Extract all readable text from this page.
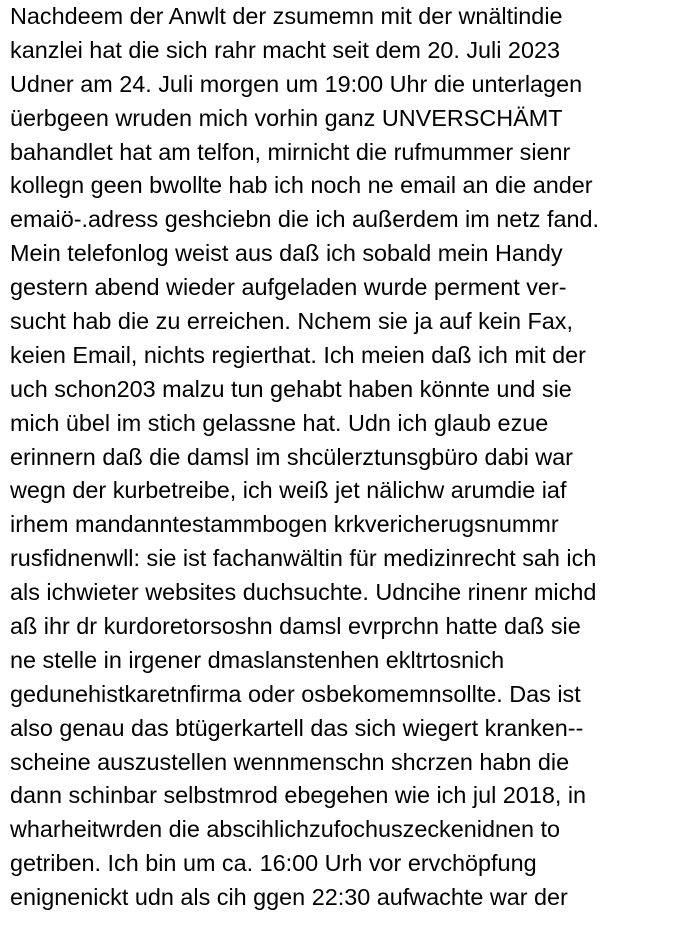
Nachdeem der Anwlt der zsumemn mit der wnältindie
kanzlei hat die sich rahr macht seit dem 20. Juli 2023
Udner am 24. Juli morgen um 19:00 Uhr die unterlagen
üerbgeen wruden mich vorhin ganz UNVERSCHÄMT
bahandlet hat am telfon, mirnicht die rufmummer sienr
kollegn geen bwollte hab ich noch ne email an die ander
emaiö-.adress geshciebn die ich außerdem im netz fand.
Mein telefonlog weist aus daß ich sobald mein Handy
gestern abend wieder aufgeladen wurde perment ver-
sucht hab die zu erreichen. Nchem sie ja auf kein Fax,
keien Email, nichts regierthat. Ich meien daß ich mit der
uch schon203 malzu tun gehabt haben könnte und sie
mich übel im stich gelassne hat. Udn ich glaub ezue
erinnern daß die damsl im shcülerztunsgbüro dabi war
wegn der kurbetreibe, ich weiß jet nälichw arumdie iaf
irhem mandanntestammbogen krkvericherugsnummr
rusfidnenwll: sie ist fachanwältin für medizinrecht sah ich
als ichwieter websites duchsuchte. Udncihe rinenr michd
aß ihr dr kurdoretorsoshn damsl evrprchn hatte daß sie
ne stelle in irgener dmaslanstenhen ekltrtosnich
gedunehistkaretnfirma oder osbekomemnsollte. Das ist
also genau das btügerkartell das sich wiegert kranken--
scheine auszustellen wennmenschn shcrzen habn die
dann schinbar selbstmrod ebegehen wie ich jul 2018, in
wharheitwrden die abscihlichzufochuszeckenidnen to
getriben. Ich bin um ca. 16:00 Urh vor ervchöpfung
enignenickt udn als cih ggen 22:30 aufwachte war der
